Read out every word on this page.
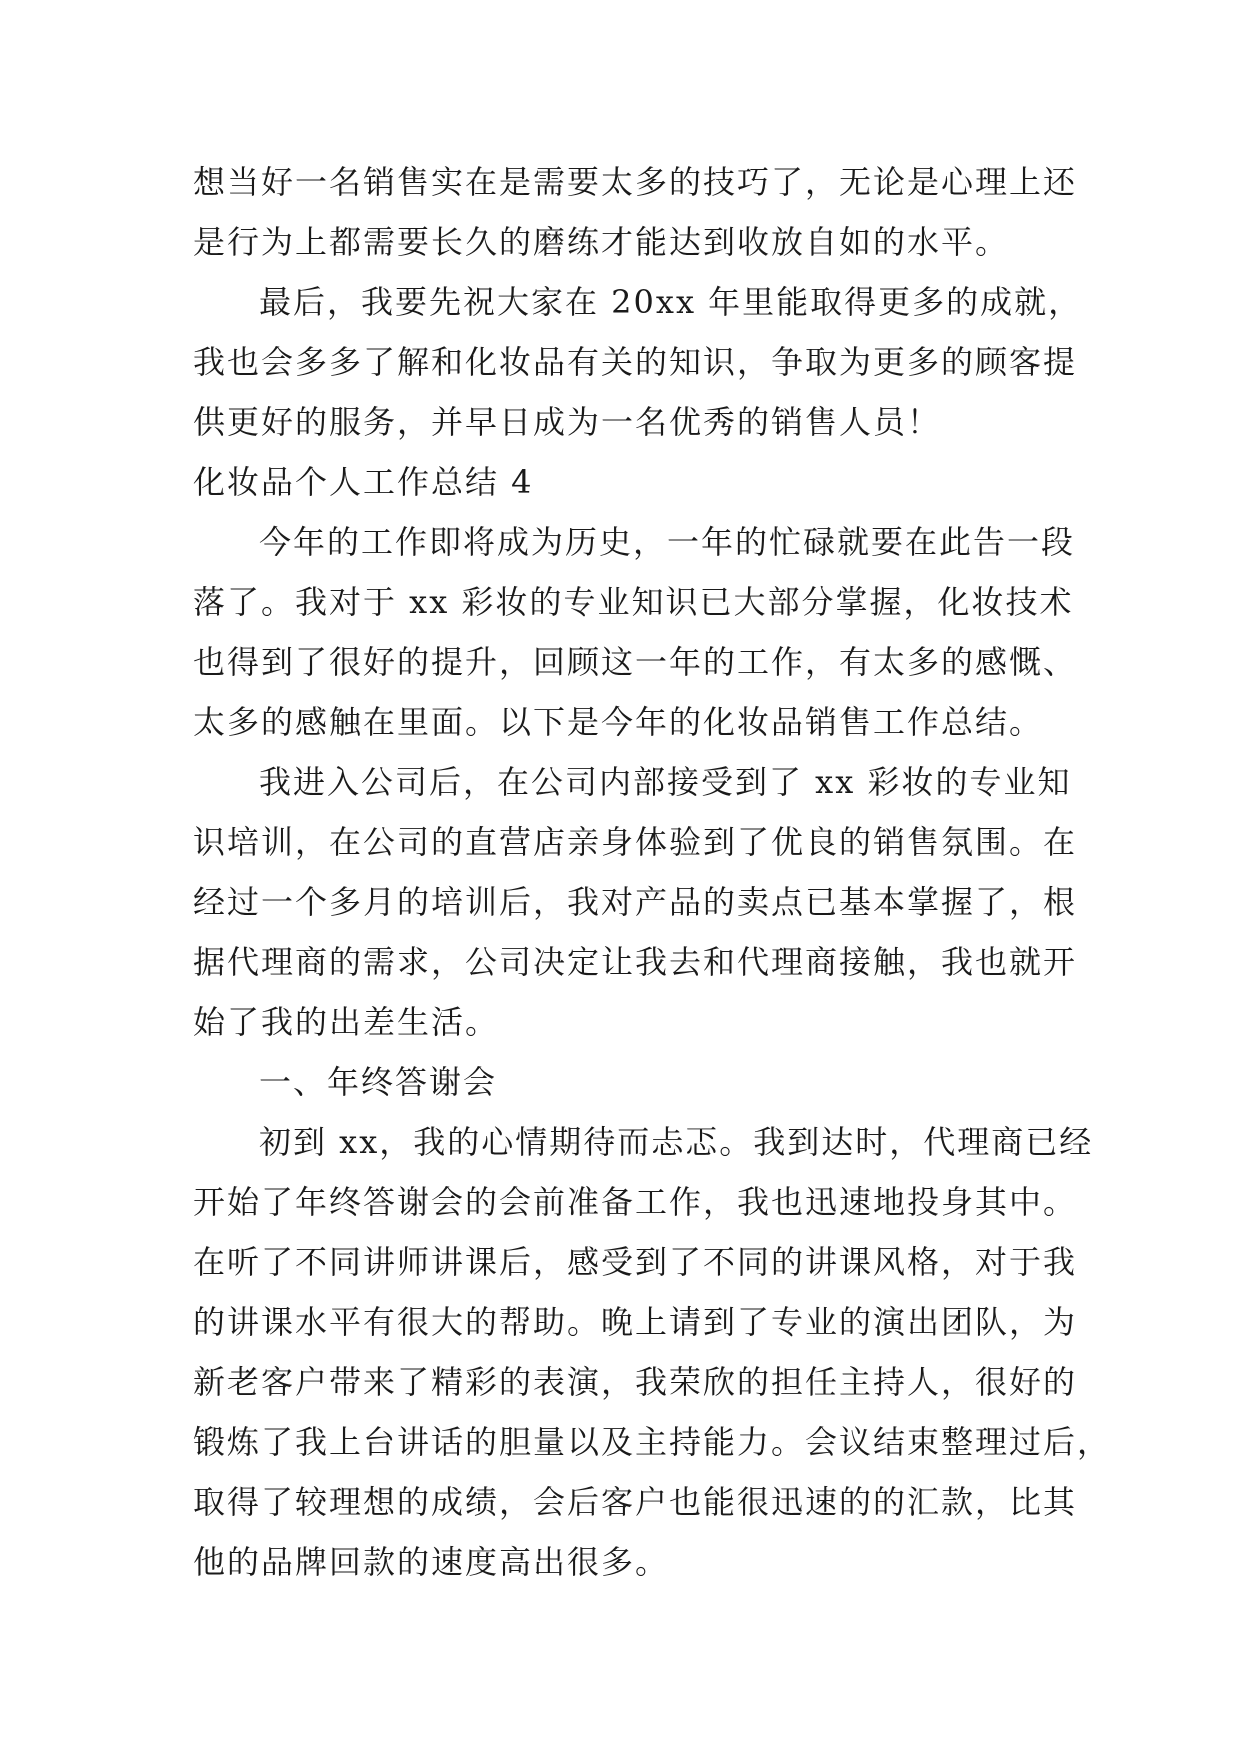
想当好一名销售实在是需要太多的技巧了，无论是心理上还
是行为上都需要长久的磨练才能达到收放自如的水平。
最后，我要先祝大家在 20xx 年里能取得更多的成就，
我也会多多了解和化妆品有关的知识，争取为更多的顾客提
供更好的服务，并早日成为一名优秀的销售人员！
化妆品个人工作总结 4
今年的工作即将成为历史，一年的忙碌就要在此告一段
落了。我对于 xx 彩妆的专业知识已大部分掌握，化妆技术
也得到了很好的提升，回顾这一年的工作，有太多的感慨、
太多的感触在里面。以下是今年的化妆品销售工作总结。
我进入公司后，在公司内部接受到了 xx 彩妆的专业知
识培训，在公司的直营店亲身体验到了优良的销售氛围。在
经过一个多月的培训后，我对产品的卖点已基本掌握了，根
据代理商的需求，公司决定让我去和代理商接触，我也就开
始了我的出差生活。
一、年终答谢会
初到 xx，我的心情期待而忐忑。我到达时，代理商已经
开始了年终答谢会的会前准备工作，我也迅速地投身其中。
在听了不同讲师讲课后，感受到了不同的讲课风格，对于我
的讲课水平有很大的帮助。晚上请到了专业的演出团队，为
新老客户带来了精彩的表演，我荣欣的担任主持人，很好的
锻炼了我上台讲话的胆量以及主持能力。会议结束整理过后，
取得了较理想的成绩，会后客户也能很迅速的的汇款，比其
他的品牌回款的速度高出很多。
